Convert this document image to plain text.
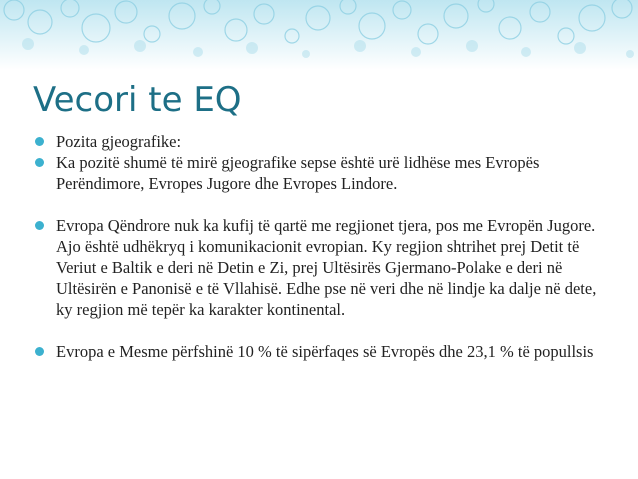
Vecori te EQ
Pozita gjeografike:
Ka pozitë shumë të mirë gjeografike sepse është urë lidhëse mes Evropës Perëndimore, Evropes Jugore dhe Evropes Lindore.
Evropa Qëndrore nuk ka kufij të qartë me regjionet tjera, pos me Evropën Jugore. Ajo është udhëkryq i komunikacionit evropian. Ky regjion shtrihet prej Detit të Veriut e Baltik e deri në Detin e Zi, prej Ultësirës Gjermano-Polake e deri në Ultësirën e Panonisë e të Vllahisë. Edhe pse në veri dhe në lindje ka dalje në dete, ky regjion më tepër ka karakter kontinental.
Evropa e Mesme përfshinë 10 % të sipërfaqes së Evropës dhe 23,1 % të popullsis
